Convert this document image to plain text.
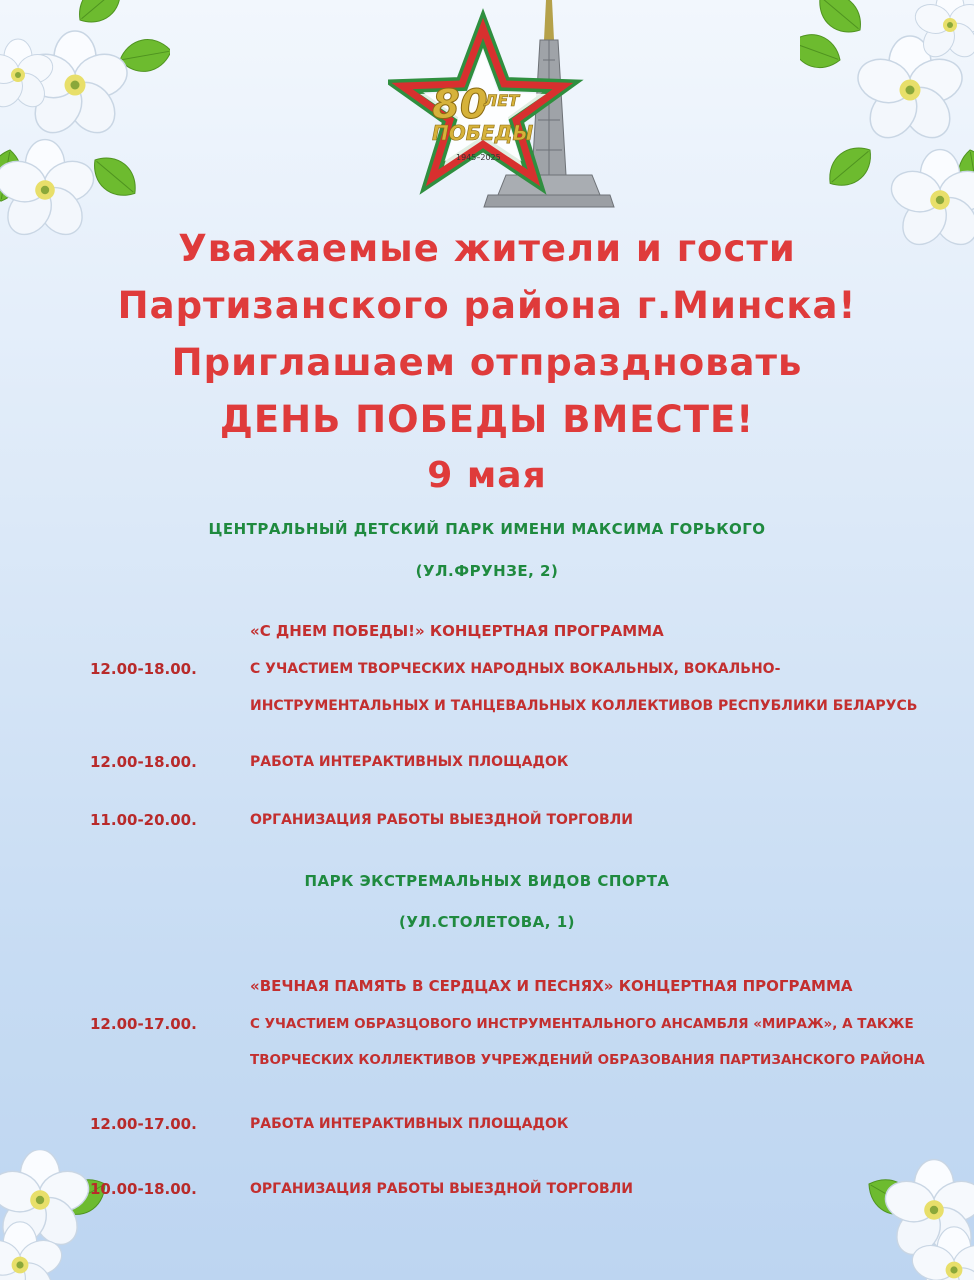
80
ЛЕТ
ПОБЕДЫ
1945–2025
Уважаемые жители и гости
Партизанского района г.Минска!
Приглашаем отпраздновать
ДЕНЬ ПОБЕДЫ ВМЕСТЕ!
9 мая
ЦЕНТРАЛЬНЫЙ ДЕТСКИЙ ПАРК ИМЕНИ МАКСИМА ГОРЬКОГО
(УЛ.ФРУНЗЕ, 2)
«С ДНЕМ ПОБЕДЫ!» КОНЦЕРТНАЯ ПРОГРАММА
12.00-18.00.	С УЧАСТИЕМ ТВОРЧЕСКИХ НАРОДНЫХ ВОКАЛЬНЫХ, ВОКАЛЬНО-
ИНСТРУМЕНТАЛЬНЫХ И ТАНЦЕВАЛЬНЫХ КОЛЛЕКТИВОВ РЕСПУБЛИКИ БЕЛАРУСЬ
12.00-18.00.	РАБОТА ИНТЕРАКТИВНЫХ ПЛОЩАДОК
11.00-20.00.	ОРГАНИЗАЦИЯ РАБОТЫ ВЫЕЗДНОЙ ТОРГОВЛИ
ПАРК ЭКСТРЕМАЛЬНЫХ ВИДОВ СПОРТА
(УЛ.СТОЛЕТОВА, 1)
«ВЕЧНАЯ ПАМЯТЬ В СЕРДЦАХ И ПЕСНЯХ» КОНЦЕРТНАЯ ПРОГРАММА
12.00-17.00.	С УЧАСТИЕМ ОБРАЗЦОВОГО ИНСТРУМЕНТАЛЬНОГО АНСАМБЛЯ «МИРАЖ», А ТАКЖЕ
ТВОРЧЕСКИХ КОЛЛЕКТИВОВ УЧРЕЖДЕНИЙ ОБРАЗОВАНИЯ ПАРТИЗАНСКОГО РАЙОНА
12.00-17.00.	РАБОТА ИНТЕРАКТИВНЫХ ПЛОЩАДОК
10.00-18.00.	ОРГАНИЗАЦИЯ РАБОТЫ ВЫЕЗДНОЙ ТОРГОВЛИ
